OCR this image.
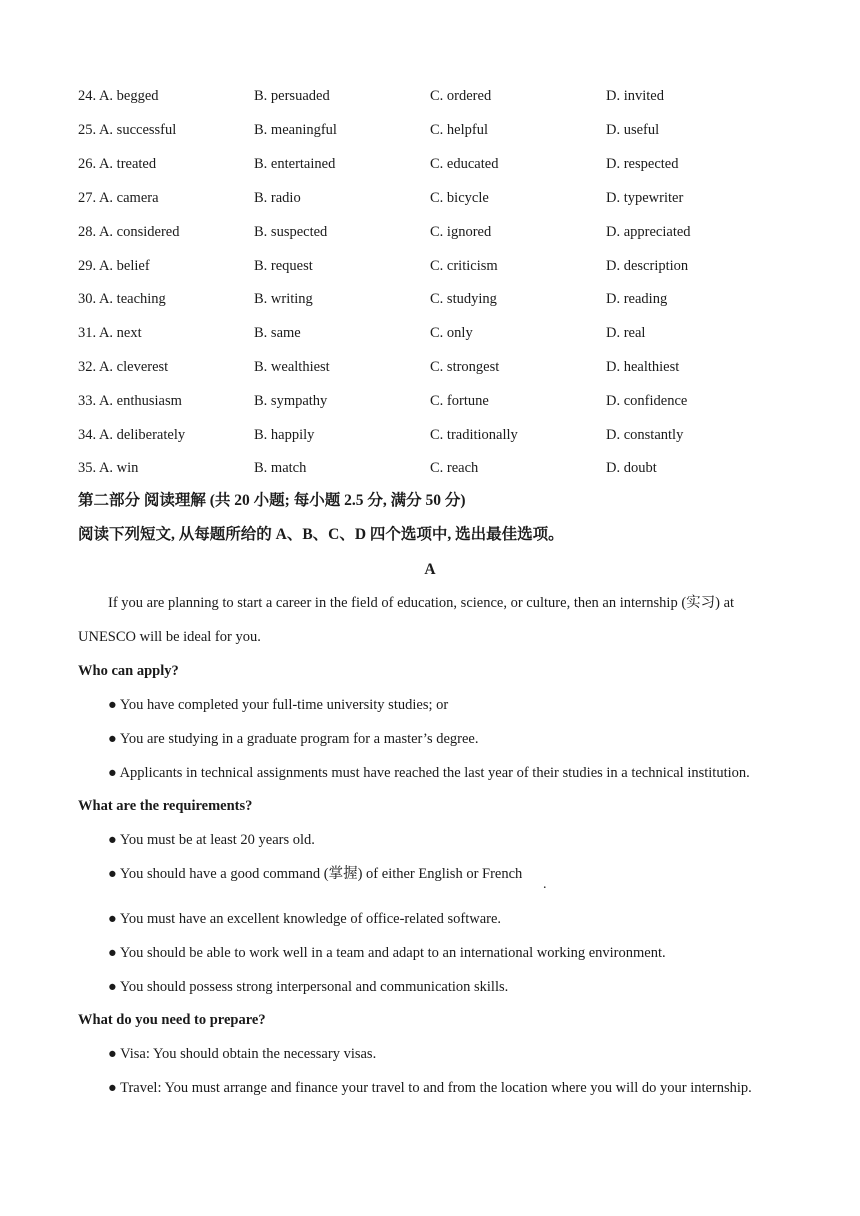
24. A. begged	B. persuaded	C. ordered	D. invited
25. A. successful	B. meaningful	C. helpful	D. useful
26. A. treated	B. entertained	C. educated	D. respected
27. A. camera	B. radio	C. bicycle	D. typewriter
28. A. considered	B. suspected	C. ignored	D. appreciated
29. A. belief	B. request	C. criticism	D. description
30. A. teaching	B. writing	C. studying	D. reading
31. A. next	B. same	C. only	D. real
32. A. cleverest	B. wealthiest	C. strongest	D. healthiest
33. A. enthusiasm	B. sympathy	C. fortune	D. confidence
34. A. deliberately	B. happily	C. traditionally	D. constantly
35. A. win	B. match	C. reach	D. doubt
第二部分 阅读理解 (共 20 小题; 每小题 2.5 分, 满分 50 分)
阅读下列短文, 从每题所给的 A、B、C、D 四个选项中, 选出最佳选项。
A
If you are planning to start a career in the field of education, science, or culture, then an internship (实习) at
UNESCO will be ideal for you.
Who can apply?
● You have completed your full-time university studies; or
● You are studying in a graduate program for a master’s degree.
● Applicants in technical assignments must have reached the last year of their studies in a technical institution.
What are the requirements?
● You must be at least 20 years old.
● You should have a good command (掌握) of either English or French
.
● You must have an excellent knowledge of office-related software.
● You should be able to work well in a team and adapt to an international working environment.
● You should possess strong interpersonal and communication skills.
What do you need to prepare?
● Visa: You should obtain the necessary visas.
● Travel: You must arrange and finance your travel to and from the location where you will do your internship.
